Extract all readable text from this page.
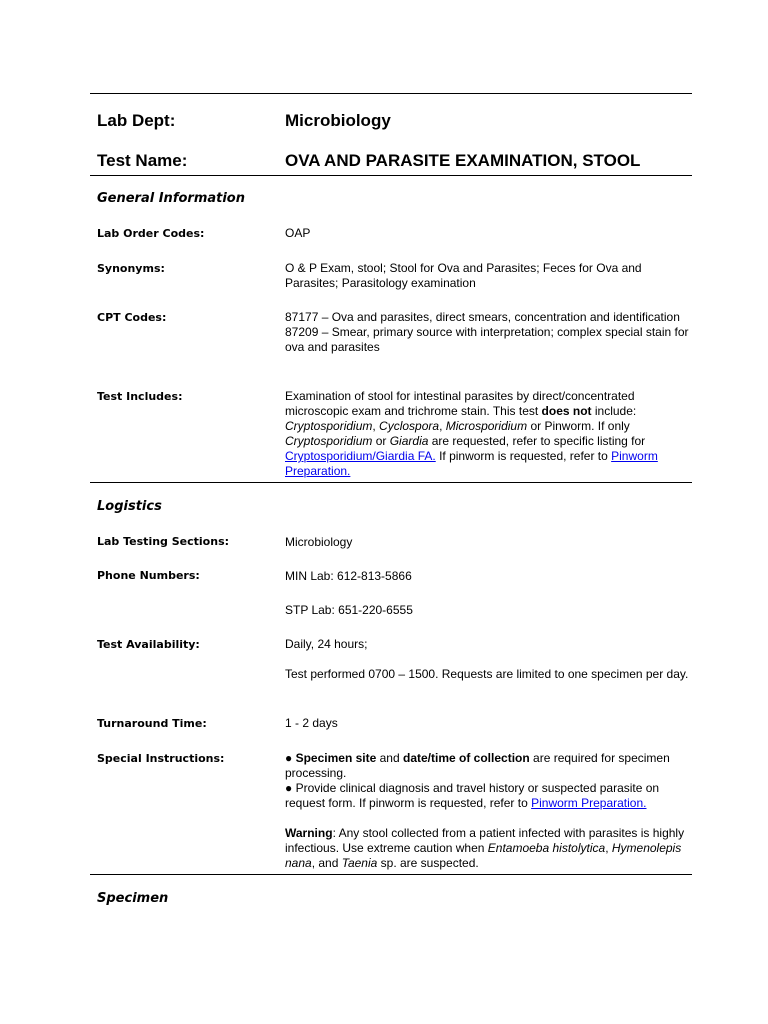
Lab Dept:	Microbiology
Test Name:	OVA AND PARASITE EXAMINATION, STOOL
General Information
Lab Order Codes:	OAP
Synonyms:	O & P Exam, stool; Stool for Ova and Parasites; Feces for Ova and Parasites; Parasitology examination
CPT Codes:	87177 – Ova and parasites, direct smears, concentration and identification

87209 – Smear, primary source with interpretation; complex special stain for ova and parasites

Test Includes:	Examination of stool for intestinal parasites by direct/concentrated microscopic exam and trichrome stain. This test does not include: Cryptosporidium, Cyclospora, Microsporidium or Pinworm. If only Cryptosporidium or Giardia are requested, refer to specific listing for Cryptosporidium/Giardia FA. If pinworm is requested, refer to Pinworm Preparation.
Logistics
Lab Testing Sections:	Microbiology
Phone Numbers:	MIN Lab: 612-813-5866
STP Lab: 651-220-6555
Test Availability:	Daily, 24 hours;
Test performed 0700 – 1500. Requests are limited to one specimen per day.
Turnaround Time:	1 - 2 days
Special Instructions:	● Specimen site and date/time of collection are required for specimen processing.

● Provide clinical diagnosis and travel history or suspected parasite on request form. If pinworm is requested, refer to Pinworm Preparation.

Warning: Any stool collected from a patient infected with parasites is highly infectious. Use extreme caution when Entamoeba histolytica, Hymenolepis nana, and Taenia sp. are suspected.

Specimen
